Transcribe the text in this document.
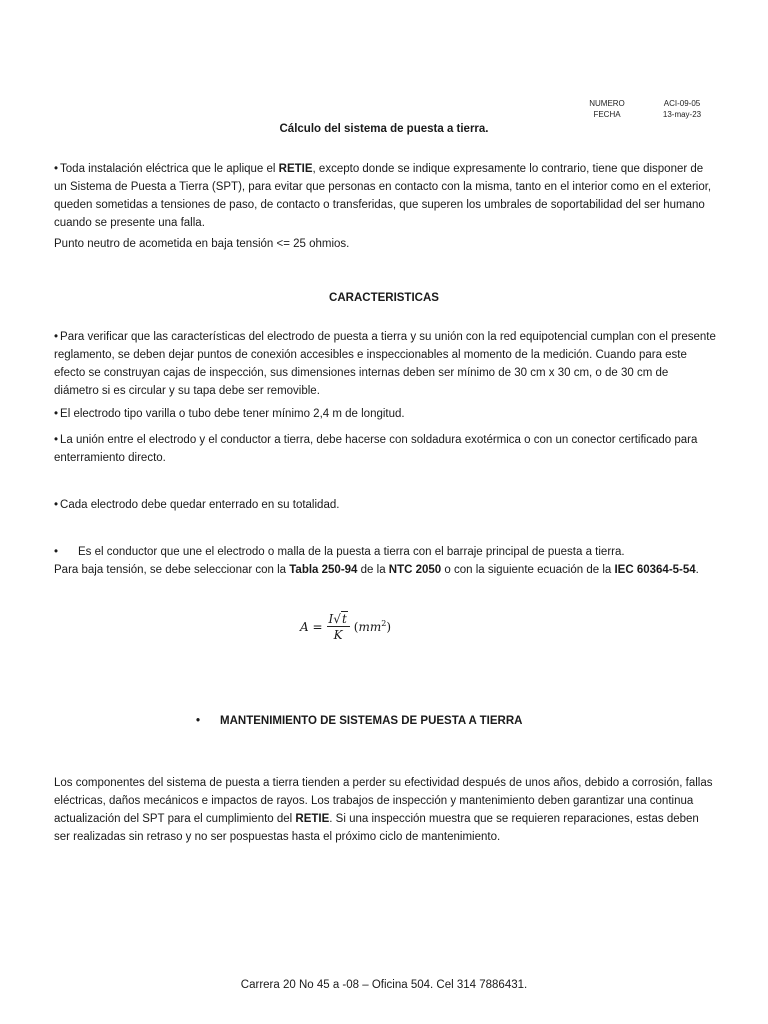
NUMERO	ACI-09-05
FECHA	13-may-23
Cálculo del sistema de puesta a tierra.

• Toda instalación eléctrica que le aplique el RETIE, excepto donde se indique expresamente lo contrario, tiene que disponer de un Sistema de Puesta a Tierra (SPT), para evitar que personas en contacto con la misma, tanto en el interior como en el exterior, queden sometidas a tensiones de paso, de contacto o transferidas, que superen los umbrales de soportabilidad del ser humano cuando se presente una falla.

Punto neutro de acometida en baja tensión <= 25 ohmios.
CARACTERISTICAS

• Para verificar que las características del electrodo de puesta a tierra y su unión con la red equipotencial cumplan con el presente reglamento, se deben dejar puntos de conexión accesibles e inspeccionables al momento de la medición. Cuando para este efecto se construyan cajas de inspección, sus dimensiones internas deben ser mínimo de 30 cm x 30 cm, o de 30 cm de diámetro si es circular y su tapa debe ser removible.

• El electrodo tipo varilla o tubo debe tener mínimo 2,4 m de longitud.

• La unión entre el electrodo y el conductor a tierra, debe hacerse con soldadura exotérmica o con un conector certificado para enterramiento directo.

• Cada electrodo debe quedar enterrado en su totalidad.

• Es el conductor que une el electrodo o malla de la puesta a tierra con el barraje principal de puesta a tierra.

Para baja tensión, se debe seleccionar con la Tabla 250-94 de la NTC 2050 o con la siguiente ecuación de la IEC 60364-5-54.

$A = \frac{I√t}{K} (mm^2)$
• MANTENIMIENTO DE SISTEMAS DE PUESTA A TIERRA

Los componentes del sistema de puesta a tierra tienden a perder su efectividad después de unos años, debido a corrosión, fallas eléctricas, daños mecánicos e impactos de rayos. Los trabajos de inspección y mantenimiento deben garantizar una continua actualización del SPT para el cumplimiento del RETIE. Si una inspección muestra que se requieren reparaciones, estas deben ser realizadas sin retraso y no ser pospuestas hasta el próximo ciclo de mantenimiento.

Carrera 20 No 45 a -08 – Oficina 504. Cel 314 7886431.
